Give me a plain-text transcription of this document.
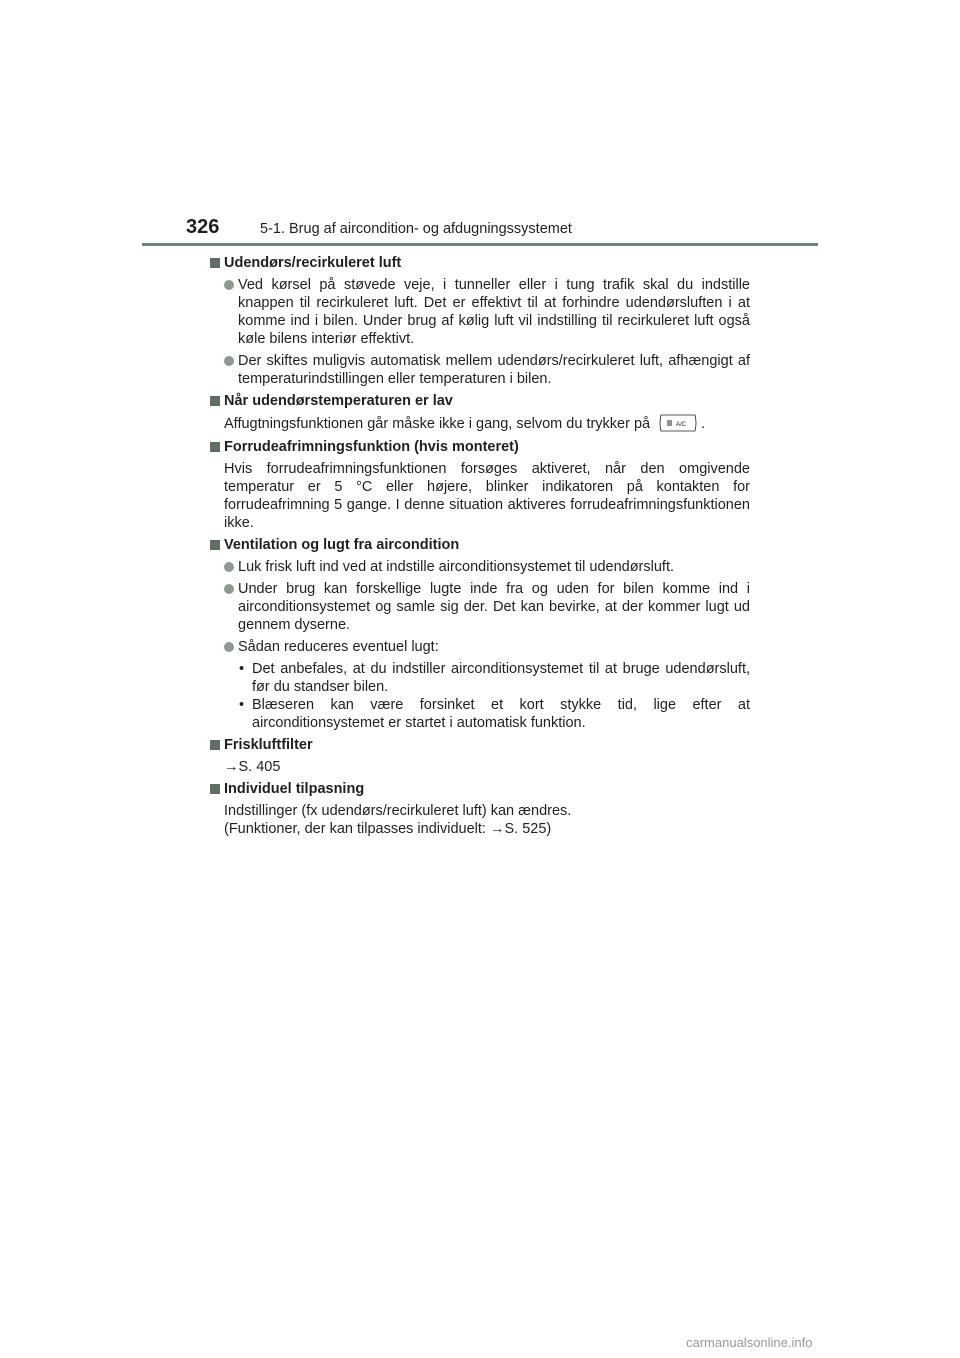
326	5-1. Brug af aircondition- og afdugningssystemet
Udendørs/recirkuleret luft
Ved kørsel på støvede veje, i tunneller eller i tung trafik skal du indstille knappen til recirkuleret luft. Det er effektivt til at forhindre udendørsluften i at komme ind i bilen. Under brug af kølig luft vil indstilling til recirkuleret luft også køle bilens interiør effektivt.
Der skiftes muligvis automatisk mellem udendørs/recirkuleret luft, afhængigt af temperaturindstillingen eller temperaturen i bilen.
Når udendørstemperaturen er lav
Affugtningsfunktionen går måske ikke i gang, selvom du trykker på	A/C .
Forrudeafrimningsfunktion (hvis monteret)
Hvis forrudeafrimningsfunktionen forsøges aktiveret, når den omgivende temperatur er 5 °C eller højere, blinker indikatoren på kontakten for forrudeafrimning 5 gange. I denne situation aktiveres forrudeafrimningsfunktionen ikke.
Ventilation og lugt fra aircondition
Luk frisk luft ind ved at indstille airconditionsystemet til udendørsluft.
Under brug kan forskellige lugte inde fra og uden for bilen komme ind i airconditionsystemet og samle sig der. Det kan bevirke, at der kommer lugt ud gennem dyserne.
Sådan reduceres eventuel lugt:
• Det anbefales, at du indstiller airconditionsystemet til at bruge udendørsluft, før du standser bilen.
• Blæseren kan være forsinket et kort stykke tid, lige efter at airconditionsystemet er startet i automatisk funktion.
Friskluftfilter
→S. 405
Individuel tilpasning
Indstillinger (fx udendørs/recirkuleret luft) kan ændres.
(Funktioner, der kan tilpasses individuelt: →S. 525)
carmanualsonline.info
